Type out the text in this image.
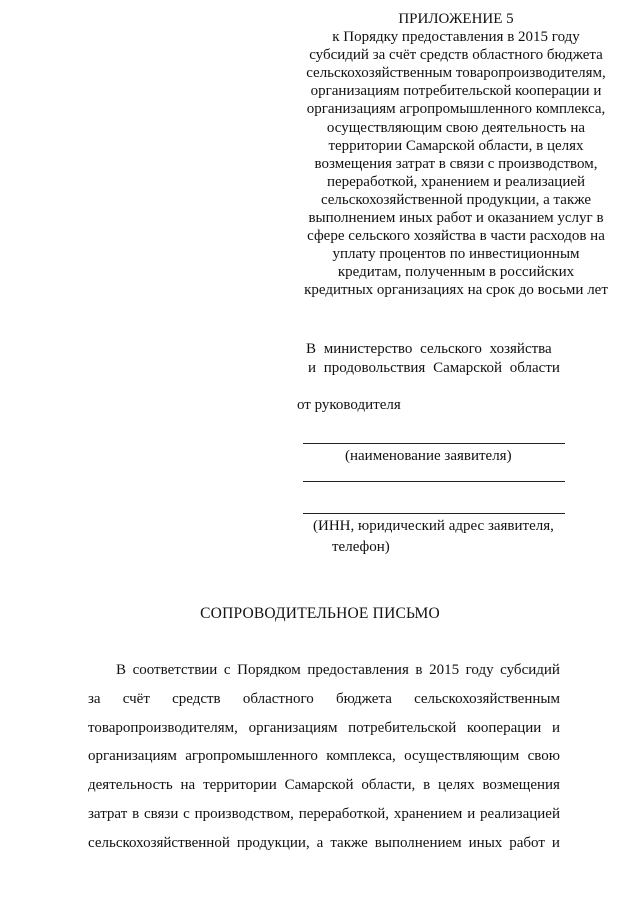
ПРИЛОЖЕНИЕ 5
к Порядку предоставления в 2015 году
субсидий за счёт средств областного бюджета
сельскохозяйственным товаропроизводителям,
организациям потребительской кооперации и
организациям агропромышленного комплекса,
осуществляющим свою деятельность на
территории Самарской области, в целях
возмещения затрат в связи с производством,
переработкой, хранением и реализацией
сельскохозяйственной продукции, а также
выполнением иных работ и оказанием услуг в
сфере сельского хозяйства в части расходов на
уплату процентов по инвестиционным
кредитам, полученным в российских
кредитных организациях на срок до восьми лет
В министерство сельского хозяйства
и продовольствия Самарской области
от руководителя
(наименование заявителя)
(ИНН, юридический адрес заявителя,
телефон)
СОПРОВОДИТЕЛЬНОЕ ПИСЬМО
В соответствии с Порядком предоставления в 2015 году субсидий
за счёт средств областного бюджета сельскохозяйственным
товаропроизводителям, организациям потребительской кооперации и
организациям агропромышленного комплекса, осуществляющим свою
деятельность на территории Самарской области, в целях возмещения
затрат в связи с производством, переработкой, хранением и реализацией
сельскохозяйственной продукции, а также выполнением иных работ и
